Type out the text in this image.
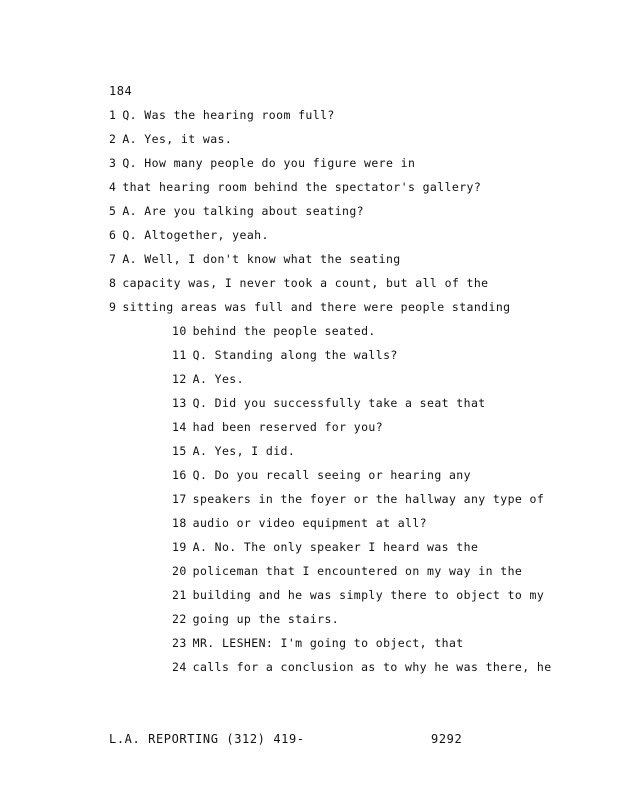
184
1 Q. Was the hearing room full?
2 A. Yes, it was.
3 Q. How many people do you figure were in
4 that hearing room behind the spectator's gallery?
5 A. Are you talking about seating?
6 Q. Altogether, yeah.
7 A. Well, I don't know what the seating
8 capacity was, I never took a count, but all of the
9 sitting areas was full and there were people standing
10 behind the people seated.
11 Q. Standing along the walls?
12 A. Yes.
13 Q. Did you successfully take a seat that
14 had been reserved for you?
15 A. Yes, I did.
16 Q. Do you recall seeing or hearing any
17 speakers in the foyer or the hallway any type of
18 audio or video equipment at all?
19 A. No. The only speaker I heard was the
20 policeman that I encountered on my way in the
21 building and he was simply there to object to my
22 going up the stairs.
23 MR. LESHEN: I'm going to object, that
24 calls for a conclusion as to why he was there, he
L.A. REPORTING (312) 419-	9292
